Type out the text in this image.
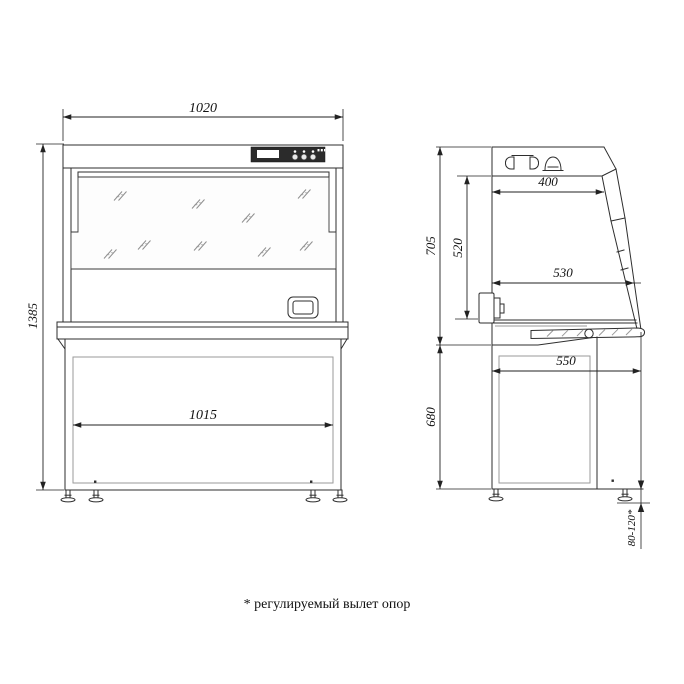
1020
1385
1015
400
705 520
530
550
680
80-120*
* регулируемый вылет опор
